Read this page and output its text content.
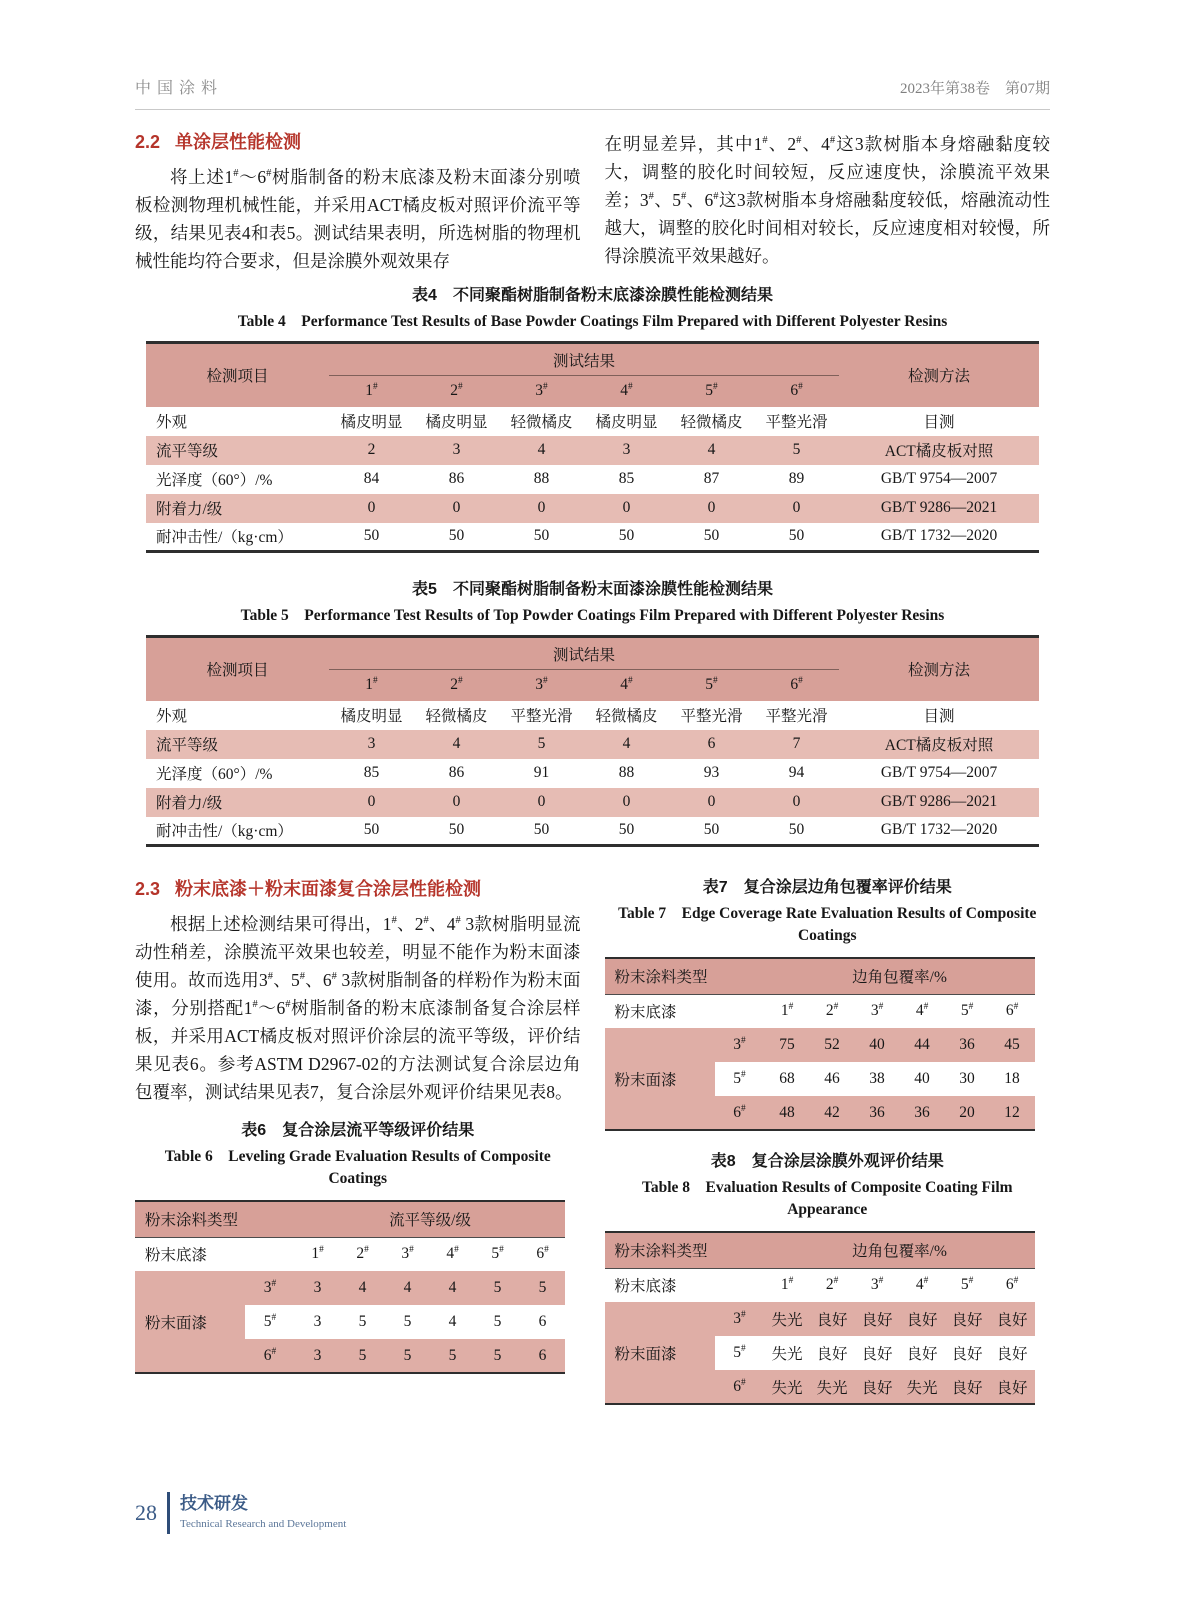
中国涂料	2023年第38卷　第07期
2.2 单涂层性能检测

将上述1#～6#树脂制备的粉末底漆及粉末面漆分别喷板检测物理机械性能，并采用ACT橘皮板对照评价流平等级，结果见表4和表5。测试结果表明，所选树脂的物理机械性能均符合要求，但是涂膜外观效果存

在明显差异，其中1#、2#、4#这3款树脂本身熔融黏度较大，调整的胶化时间较短，反应速度快，涂膜流平效果差；3#、5#、6#这3款树脂本身熔融黏度较低，熔融流动性越大，调整的胶化时间相对较长，反应速度相对较慢，所得涂膜流平效果越好。

表4　不同聚酯树脂制备粉末底漆涂膜性能检测结果
Table 4　Performance Test Results of Base Powder Coatings Film Prepared with Different Polyester Resins
检测项目	测试结果						检测方法
	1#	2#	3#	4#	5#	6#
外观	橘皮明显	橘皮明显	轻微橘皮	橘皮明显	轻微橘皮	平整光滑	目测
流平等级	2	3	4	3	4	5	ACT橘皮板对照
光泽度（60°）/%	84	86	88	85	87	89	GB/T 9754—2007
附着力/级	0	0	0	0	0	0	GB/T 9286—2021
耐冲击性/（kg·cm）	50	50	50	50	50	50	GB/T 1732—2020
表5　不同聚酯树脂制备粉末面漆涂膜性能检测结果
Table 5　Performance Test Results of Top Powder Coatings Film Prepared with Different Polyester Resins
检测项目	测试结果						检测方法
	1#	2#	3#	4#	5#	6#
外观	橘皮明显	轻微橘皮	平整光滑	轻微橘皮	平整光滑	平整光滑	目测
流平等级	3	4	5	4	6	7	ACT橘皮板对照
光泽度（60°）/%	85	86	91	88	93	94	GB/T 9754—2007
附着力/级	0	0	0	0	0	0	GB/T 9286—2021
耐冲击性/（kg·cm）	50	50	50	50	50	50	GB/T 1732—2020
2.3 粉末底漆＋粉末面漆复合涂层性能检测

根据上述检测结果可得出，1#、2#、4# 3款树脂明显流动性稍差，涂膜流平效果也较差，明显不能作为粉末面漆使用。故而选用3#、5#、6# 3款树脂制备的样粉作为粉末面漆，分别搭配1#～6#树脂制备的粉末底漆制备复合涂层样板，并采用ACT橘皮板对照评价涂层的流平等级，评价结果见表6。参考ASTM D2967-02的方法测试复合涂层边角包覆率，测试结果见表7，复合涂层外观评价结果见表8。

表6　复合涂层流平等级评价结果
Table 6　Leveling Grade Evaluation Results of Composite Coatings
粉末涂料类型		流平等级/级					
粉末底漆		1#	2#	3#	4#	5#	6#
粉末面漆	3#	3	4	4	4	5	5
	5#	3	5	5	4	5	6
	6#	3	5	5	5	5	6
表7　复合涂层边角包覆率评价结果
Table 7　Edge Coverage Rate Evaluation Results of Composite Coatings
粉末涂料类型		边角包覆率/%					
粉末底漆		1#	2#	3#	4#	5#	6#
粉末面漆	3#	75	52	40	44	36	45
	5#	68	46	38	40	30	18
	6#	48	42	36	36	20	12
表8　复合涂层涂膜外观评价结果
Table 8　Evaluation Results of Composite Coating Film Appearance
粉末涂料类型		边角包覆率/%					
粉末底漆		1#	2#	3#	4#	5#	6#
粉末面漆	3#	失光	良好	良好	良好	良好	良好
	5#	失光	良好	良好	良好	良好	良好
	6#	失光	失光	良好	失光	良好	良好
28 技术研发
Technical Research and Development
